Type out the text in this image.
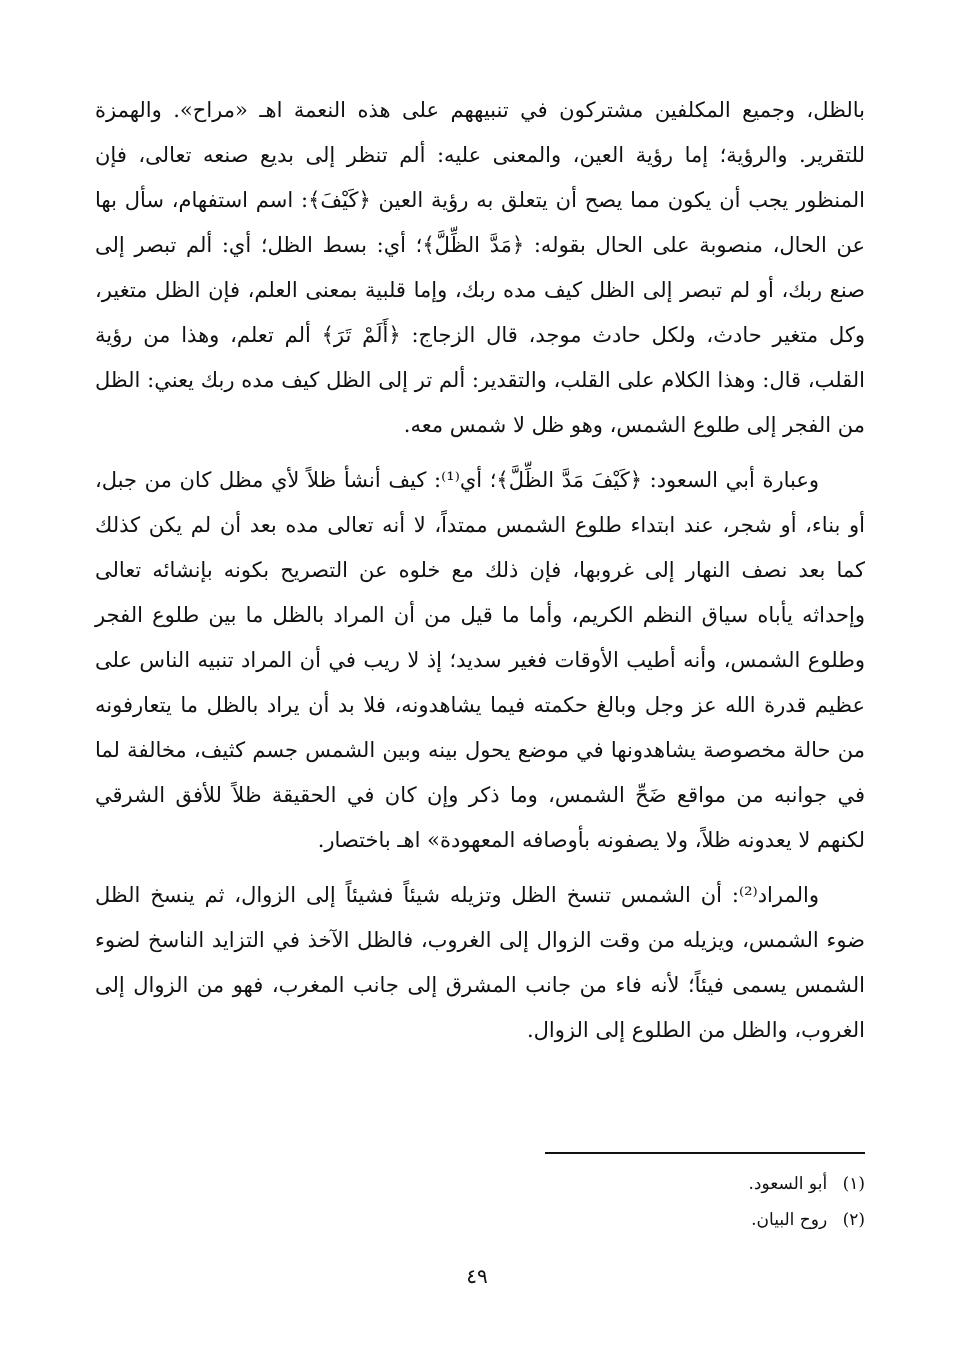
بالظل، وجميع المكلفين مشتركون في تنبيههم على هذه النعمة اهـ «مراح». والهمزة للتقرير. والرؤية؛ إما رؤية العين، والمعنى عليه: ألم تنظر إلى بديع صنعه تعالى، فإن المنظور يجب أن يكون مما يصح أن يتعلق به رؤية العين ﴿كَيْفَ﴾: اسم استفهام، سأل بها عن الحال، منصوبة على الحال بقوله: ﴿مَدَّ الظِّلَّ﴾؛ أي: بسط الظل؛ أي: ألم تبصر إلى صنع ربك، أو لم تبصر إلى الظل كيف مده ربك، وإما قلبية بمعنى العلم، فإن الظل متغير، وكل متغير حادث، ولكل حادث موجد، قال الزجاج: ﴿أَلَمْ تَرَ﴾ ألم تعلم، وهذا من رؤية القلب، قال: وهذا الكلام على القلب، والتقدير: ألم تر إلى الظل كيف مده ربك يعني: الظل من الفجر إلى طلوع الشمس، وهو ظل لا شمس معه.

وعبارة أبي السعود: ﴿كَيْفَ مَدَّ الظِّلَّ﴾؛ أي⁽¹⁾: كيف أنشأ ظلاً لأي مظل كان من جبل، أو بناء، أو شجر، عند ابتداء طلوع الشمس ممتداً، لا أنه تعالى مده بعد أن لم يكن كذلك كما بعد نصف النهار إلى غروبها، فإن ذلك مع خلوه عن التصريح بكونه بإنشائه تعالى وإحداثه يأباه سياق النظم الكريم، وأما ما قيل من أن المراد بالظل ما بين طلوع الفجر وطلوع الشمس، وأنه أطيب الأوقات فغير سديد؛ إذ لا ريب في أن المراد تنبيه الناس على عظيم قدرة الله عز وجل وبالغ حكمته فيما يشاهدونه، فلا بد أن يراد بالظل ما يتعارفونه من حالة مخصوصة يشاهدونها في موضع يحول بينه وبين الشمس جسم كثيف، مخالفة لما في جوانبه من مواقع ضَحِّ الشمس، وما ذكر وإن كان في الحقيقة ظلاً للأفق الشرقي لكنهم لا يعدونه ظلاً، ولا يصفونه بأوصافه المعهودة» اهـ باختصار.

والمراد⁽²⁾: أن الشمس تنسخ الظل وتزيله شيئاً فشيئاً إلى الزوال، ثم ينسخ الظل ضوء الشمس، ويزيله من وقت الزوال إلى الغروب، فالظل الآخذ في التزايد الناسخ لضوء الشمس يسمى فيئاً؛ لأنه فاء من جانب المشرق إلى جانب المغرب، فهو من الزوال إلى الغروب، والظل من الطلوع إلى الزوال.

(١) أبو السعود.
(٢) روح البيان.
٤٩
